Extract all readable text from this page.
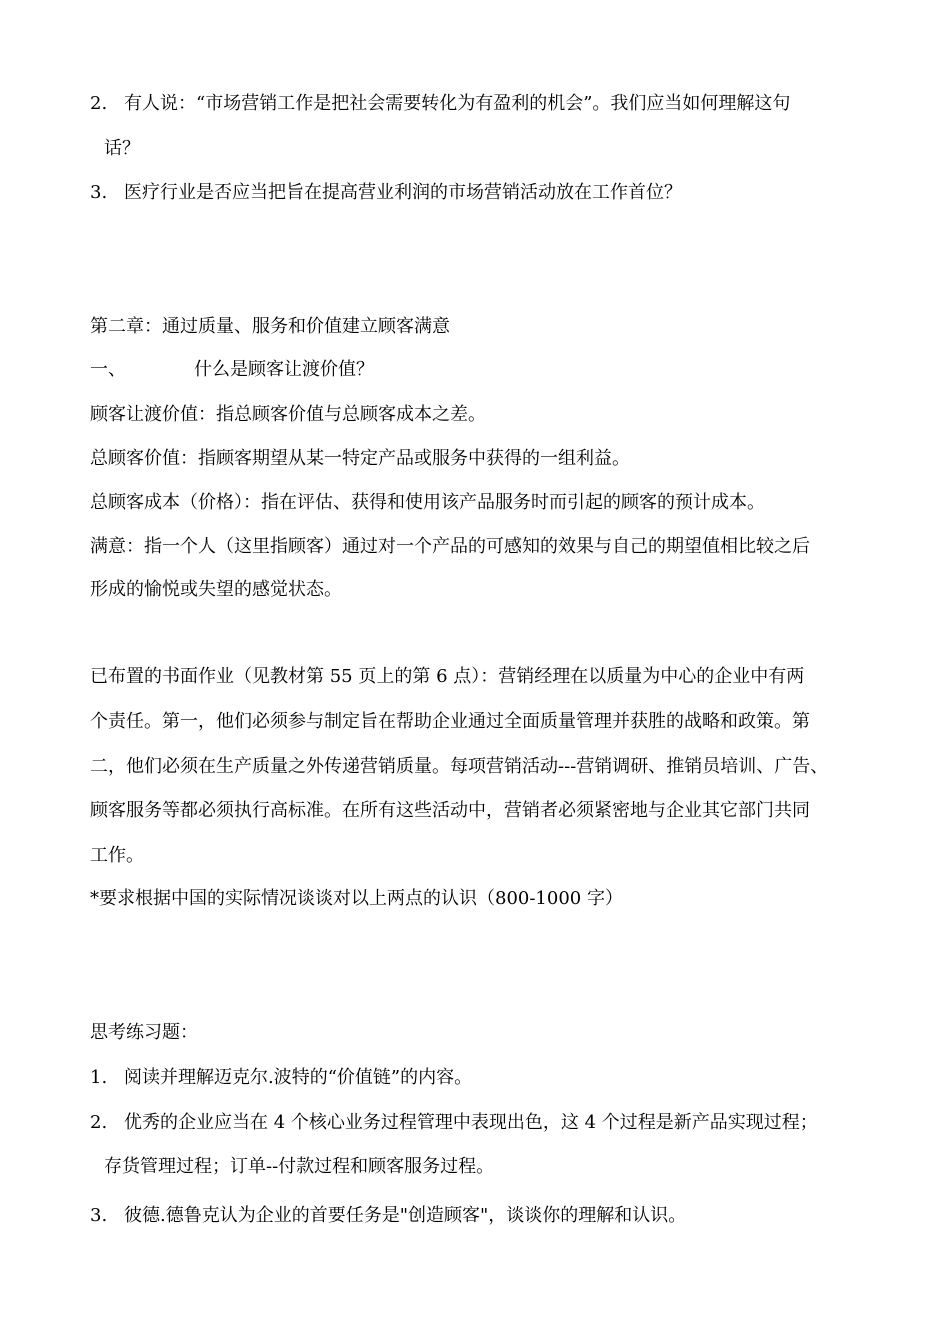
2. 有人说：“市场营销工作是把社会需要转化为有盈利的机会”。我们应当如何理解这句
话？
3. 医疗行业是否应当把旨在提高营业利润的市场营销活动放在工作首位？
第二章：通过质量、服务和价值建立顾客满意
一、	什么是顾客让渡价值？
顾客让渡价值：指总顾客价值与总顾客成本之差。
总顾客价值：指顾客期望从某一特定产品或服务中获得的一组利益。
总顾客成本（价格）：指在评估、获得和使用该产品服务时而引起的顾客的预计成本。
满意：指一个人（这里指顾客）通过对一个产品的可感知的效果与自己的期望值相比较之后
形成的愉悦或失望的感觉状态。
已布置的书面作业（见教材第 55 页上的第 6 点）：营销经理在以质量为中心的企业中有两
个责任。第一，他们必须参与制定旨在帮助企业通过全面质量管理并获胜的战略和政策。第
二，他们必须在生产质量之外传递营销质量。每项营销活动---营销调研、推销员培训、广告、
顾客服务等都必须执行高标准。在所有这些活动中，营销者必须紧密地与企业其它部门共同
工作。
*要求根据中国的实际情况谈谈对以上两点的认识（800-1000 字）
思考练习题：
1. 阅读并理解迈克尔.波特的“价值链”的内容。
2. 优秀的企业应当在 4 个核心业务过程管理中表现出色，这 4 个过程是新产品实现过程；
存货管理过程；订单--付款过程和顾客服务过程。
3. 彼德.德鲁克认为企业的首要任务是"创造顾客"，谈谈你的理解和认识。
